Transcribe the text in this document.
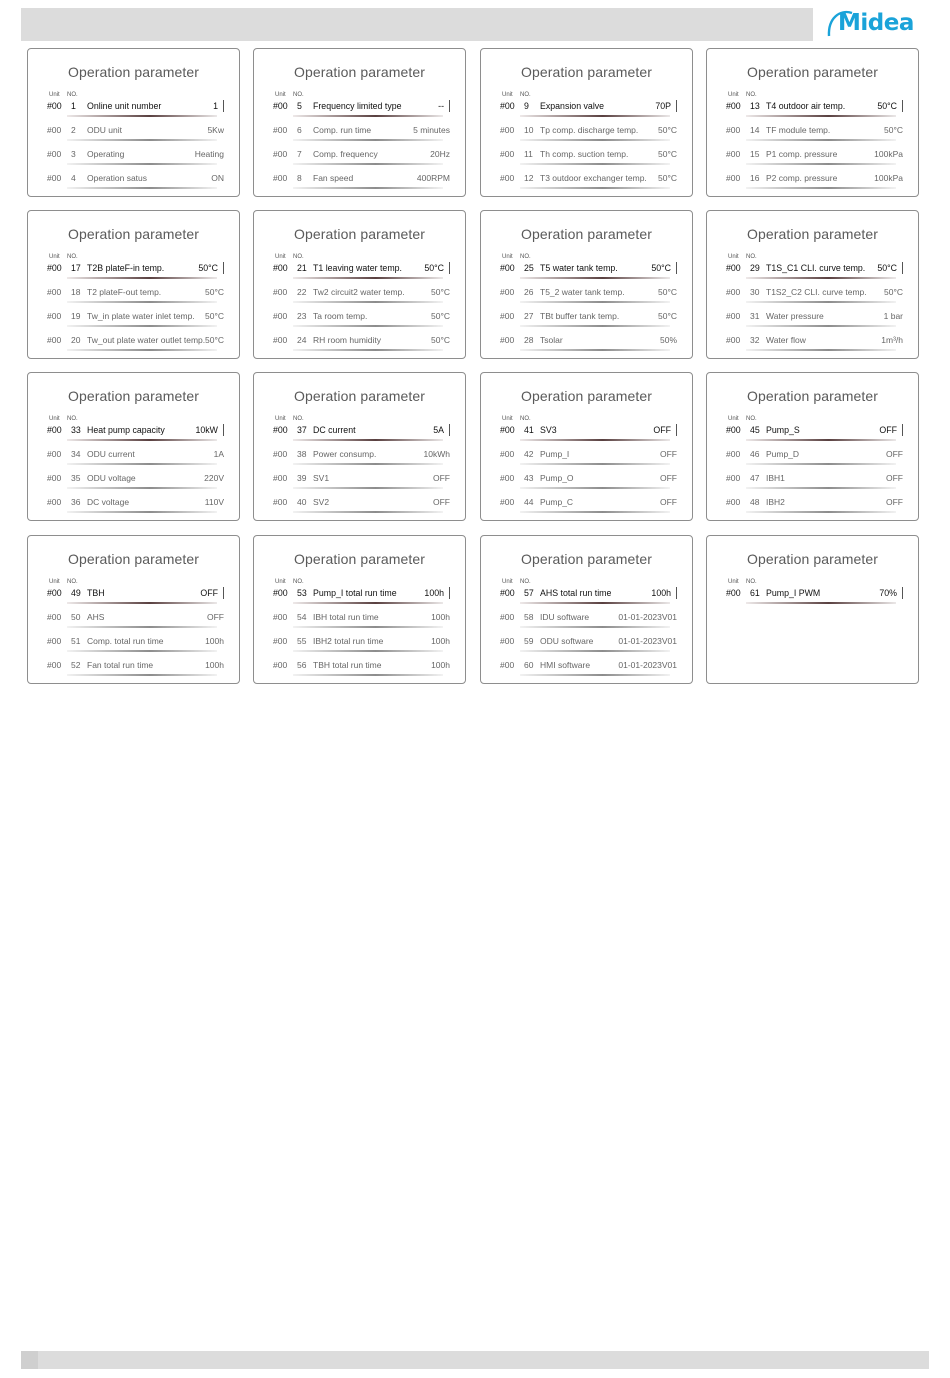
Midea
Operation parameter
Unit NO.
#00 1 Online unit number	1
#00 2 ODU unit	5Kw
#00 3 Operating	Heating
#00 4 Operation satus	ON
Operation parameter
Unit NO.
#00 5 Frequency limited type	--
#00 6 Comp. run time	5 minutes
#00 7 Comp. frequency	20Hz
#00 8 Fan speed	400RPM
Operation parameter
Unit NO.
#00 9 Expansion valve	70P
#00 10 Tp comp. discharge temp. 50°C
#00 11 Th comp. suction temp.	50°C
#00 12 T3 outdoor exchanger temp. 50°C
Operation parameter
Unit NO.
#00 13 T4 outdoor air temp.	50°C
#00 14 TF module temp.	50°C
#00 15 P1 comp. pressure	100kPa
#00 16 P2 comp. pressure	100kPa
Operation parameter
Unit NO.
#00 17 T2B plateF-in temp.	50°C
#00 18 T2 plateF-out temp.	50°C
#00 19 Tw_in plate water inlet temp. 50°C
#00 20 Tw_out plate water outlet temp. 50°C
Operation parameter
Unit NO.
#00 21 T1 leaving water temp.	50°C
#00 22 Tw2 circuit2 water temp.	50°C
#00 23 Ta room temp.	50°C
#00 24 RH room humidity	50°C
Operation parameter
Unit NO.
#00 25 T5 water tank temp.	50°C
#00 26 T5_2 water tank temp.	50°C
#00 27 TBt buffer tank temp.	50°C
#00 28 Tsolar	50%
Operation parameter
Unit NO.
#00 29 T1S_C1 CLI. curve temp. 50°C
#00 30 T1S2_C2 CLI. curve temp. 50°C
#00 31 Water pressure	1 bar
#00 32 Water flow	1m³/h
Operation parameter
Unit NO.
#00 33 Heat pump capacity	10kW
#00 34 ODU current	1A
#00 35 ODU voltage	220V
#00 36 DC voltage	110V
Operation parameter
Unit NO.
#00 37 DC current	5A
#00 38 Power consump.	10kWh
#00 39 SV1	OFF
#00 40 SV2	OFF
Operation parameter
Unit NO.
#00 41 SV3	OFF
#00 42 Pump_I	OFF
#00 43 Pump_O	OFF
#00 44 Pump_C	OFF
Operation parameter
Unit NO.
#00 45 Pump_S	OFF
#00 46 Pump_D	OFF
#00 47 IBH1	OFF
#00 48 IBH2	OFF
Operation parameter
Unit NO.
#00 49 TBH	OFF
#00 50 AHS	OFF
#00 51 Comp. total run time	100h
#00 52 Fan total run time	100h
Operation parameter
Unit NO.
#00 53 Pump_I total run time	100h
#00 54 IBH total run time	100h
#00 55 IBH2 total run time	100h
#00 56 TBH total run time	100h
Operation parameter
Unit NO.
#00 57 AHS total run time	100h
#00 58 IDU software	01-01-2023V01
#00 59 ODU software	01-01-2023V01
#00 60 HMI software	01-01-2023V01
Operation parameter
Unit NO.
#00 61 Pump_I PWM	70%
